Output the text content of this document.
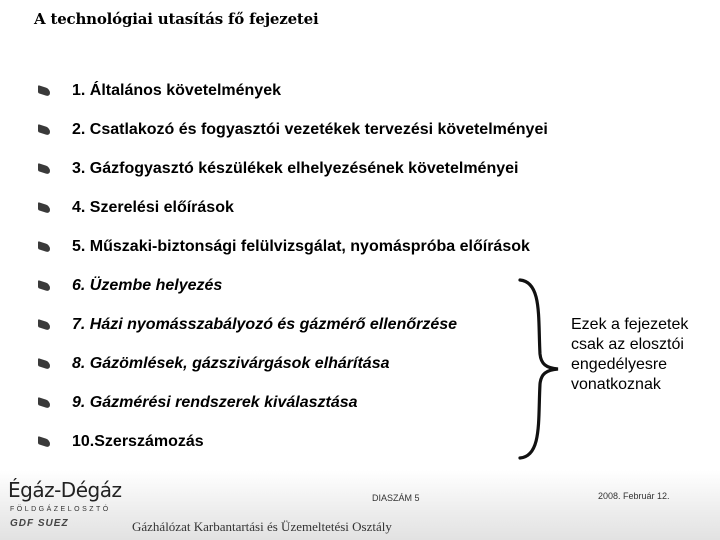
A technológiai utasítás fő fejezetei
1. Általános követelmények
2. Csatlakozó és fogyasztói vezetékek tervezési követelményei
3. Gázfogyasztó készülékek elhelyezésének követelményei
4. Szerelési előírások
5. Műszaki-biztonsági felülvizsgálat, nyomáspróba előírások
6. Üzembe helyezés
7. Házi nyomásszabályozó és gázmérő ellenőrzése
8. Gázömlések, gázszivárgások elhárítása
9. Gázmérési rendszerek kiválasztása
10.Szerszámozás
Ezek a fejezetek csak az elosztói engedélyesre vonatkoznak
Égáz-Dégáz
FÖLDGÁZELOSZTÓ
GDF SUEZ
DIASZÁM 5	2008. Február 12.
Gázhálózat Karbantartási és Üzemeltetési Osztály
